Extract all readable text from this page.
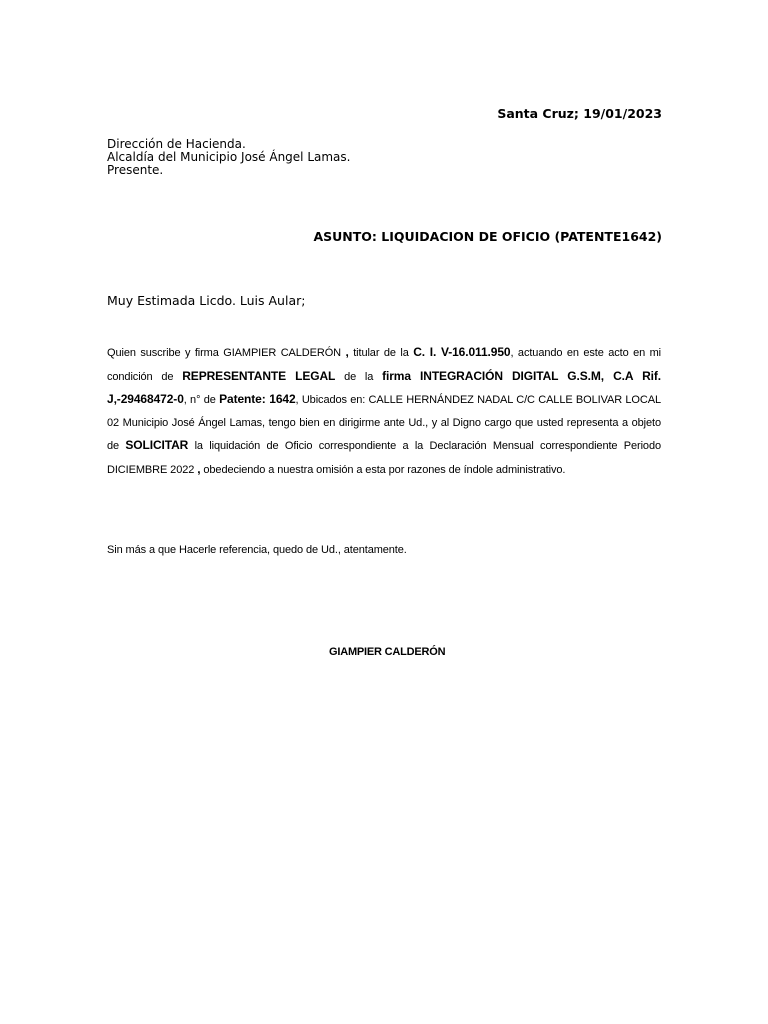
Santa Cruz; 19/01/2023
Dirección de Hacienda.
Alcaldía del Municipio José Ángel Lamas.
Presente.
ASUNTO: LIQUIDACION DE OFICIO (PATENTE1642)
Muy Estimada Licdo. Luis Aular;
Quien suscribe y firma GIAMPIER CALDERÓN , titular de la C. I. V-16.011.950, actuando en este acto en mi condición de REPRESENTANTE LEGAL de la firma INTEGRACIÓN DIGITAL G.S.M, C.A Rif. J,-29468472-0, n° de Patente: 1642, Ubicados en: CALLE HERNÁNDEZ NADAL C/C CALLE BOLIVAR LOCAL 02 Municipio José Ángel Lamas, tengo bien en dirigirme ante Ud., y al Digno cargo que usted representa a objeto de SOLICITAR la liquidación de Oficio correspondiente a la Declaración Mensual correspondiente Periodo DICIEMBRE 2022 , obedeciendo a nuestra omisión a esta por razones de índole administrativo.
Sin más a que Hacerle referencia, quedo de Ud., atentamente.
GIAMPIER CALDERÓN
